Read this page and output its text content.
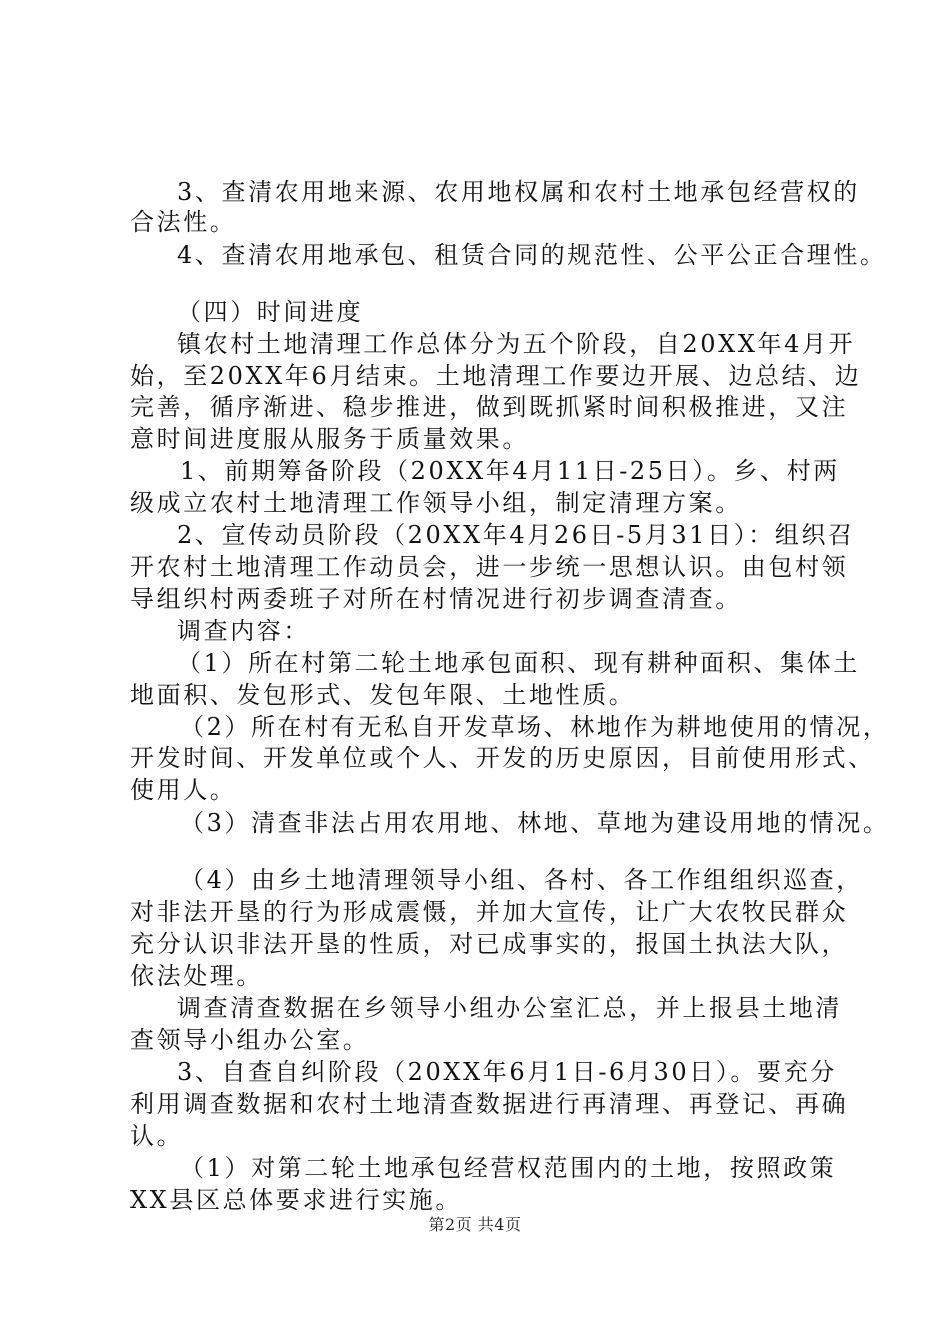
3、查清农用地来源、农用地权属和农村土地承包经营权的
合法性。
4、查清农用地承包、租赁合同的规范性、公平公正合理性。
（四）时间进度
镇农村土地清理工作总体分为五个阶段，自20XX年4月开
始，至20XX年6月结束。土地清理工作要边开展、边总结、边
完善，循序渐进、稳步推进，做到既抓紧时间积极推进，又注
意时间进度服从服务于质量效果。
1、前期筹备阶段（20XX年4月11日-25日）。乡、村两
级成立农村土地清理工作领导小组，制定清理方案。
2、宣传动员阶段（20XX年4月26日-5月31日）：组织召
开农村土地清理工作动员会，进一步统一思想认识。由包村领
导组织村两委班子对所在村情况进行初步调查清查。
调查内容：
（1）所在村第二轮土地承包面积、现有耕种面积、集体土
地面积、发包形式、发包年限、土地性质。
（2）所在村有无私自开发草场、林地作为耕地使用的情况，
开发时间、开发单位或个人、开发的历史原因，目前使用形式、
使用人。
（3）清查非法占用农用地、林地、草地为建设用地的情况。
（4）由乡土地清理领导小组、各村、各工作组组织巡查，
对非法开垦的行为形成震慑，并加大宣传，让广大农牧民群众
充分认识非法开垦的性质，对已成事实的，报国土执法大队，
依法处理。
调查清查数据在乡领导小组办公室汇总，并上报县土地清
查领导小组办公室。
3、自查自纠阶段（20XX年6月1日-6月30日）。要充分
利用调查数据和农村土地清查数据进行再清理、再登记、再确
认。
（1）对第二轮土地承包经营权范围内的土地，按照政策
XX县区总体要求进行实施。
第2页 共4页
